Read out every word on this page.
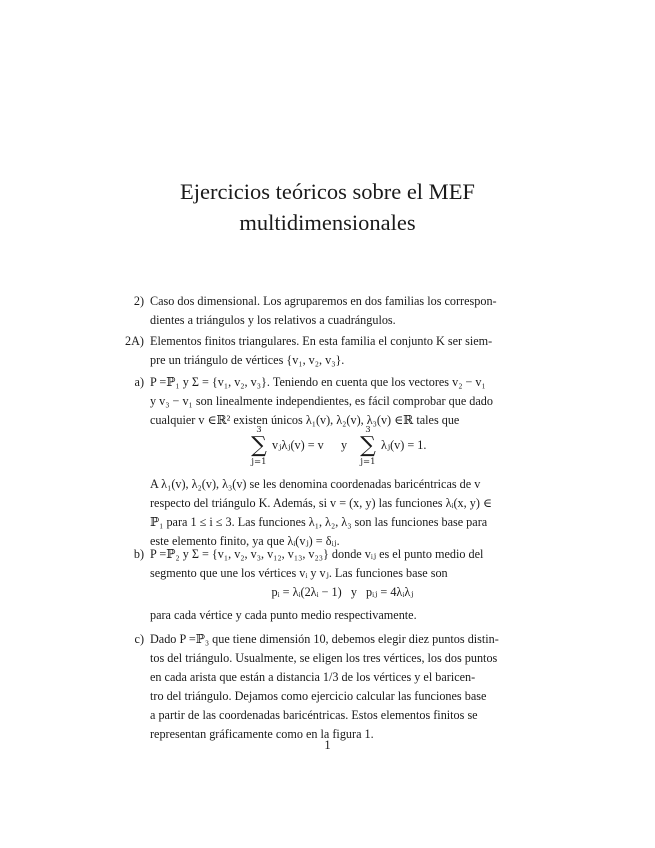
Ejercicios teóricos sobre el MEF
multidimensionales
2) Caso dos dimensional. Los agruparemos en dos familias los correspon-
dientes a triángulos y los relativos a cuadrángulos.
2A) Elementos finitos triangulares. En esta familia el conjunto K ser siem-
pre un triángulo de vértices {v₁, v₂, v₃}.
a) P =ℙ₁ y Σ = {v₁, v₂, v₃}. Teniendo en cuenta que los vectores v₂ − v₁
y v₃ − v₁ son linealmente independientes, es fácil comprobar que dado
cualquier v ∈ℝ² existen únicos λ₁(v), λ₂(v), λ₃(v) ∈ℝ tales que
3
∑
j=1
vⱼλⱼ(v) = v y
3
∑
j=1
λⱼ(v) = 1.
A λ₁(v), λ₂(v), λ₃(v) se les denomina coordenadas baricéntricas de v
respecto del triángulo K. Además, si v = (x, y) las funciones λᵢ(x, y) ∈
ℙ₁ para 1 ≤ i ≤ 3. Las funciones λ₁, λ₂, λ₃ son las funciones base para
este elemento finito, ya que λᵢ(vⱼ) = δᵢⱼ.
b) P =ℙ₂ y Σ = {v₁, v₂, v₃, v₁₂, v₁₃, v₂₃} donde vᵢⱼ es el punto medio del
segmento que une los vértices vᵢ y vⱼ. Las funciones base son
pᵢ = λᵢ(2λᵢ − 1)   y   pᵢⱼ = 4λᵢλⱼ
para cada vértice y cada punto medio respectivamente.
c) Dado P =ℙ₃ que tiene dimensión 10, debemos elegir diez puntos distin-
tos del triángulo. Usualmente, se eligen los tres vértices, los dos puntos
en cada arista que están a distancia 1/3 de los vértices y el baricen-
tro del triángulo. Dejamos como ejercicio calcular las funciones base
a partir de las coordenadas baricéntricas. Estos elementos finitos se
representan gráficamente como en la figura 1.
1
